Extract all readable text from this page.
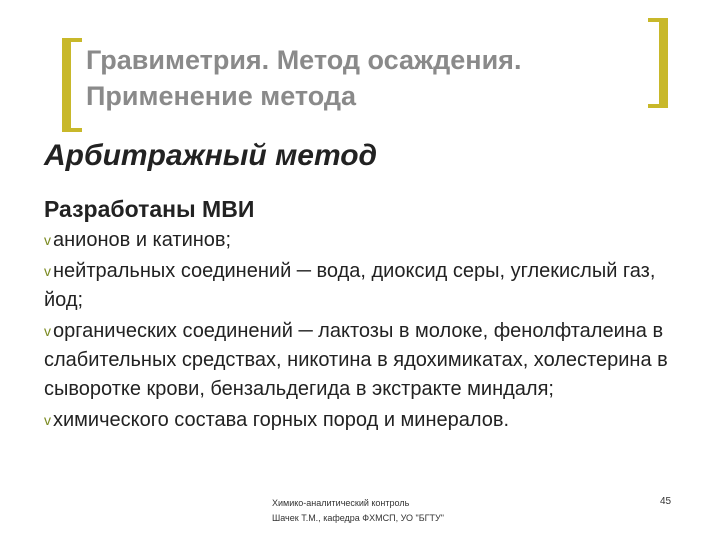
Гравиметрия. Метод осаждения.
Применение метода
Арбитражный метод

Разработаны МВИ

v анионов и катинов;

v нейтральных соединений ─ вода, диоксид серы, углекислый газ, йод;

v органических соединений ─ лактозы в молоке, фенолфталеина в слабительных средствах, никотина в ядохимикатах, холестерина в сыворотке крови, бензальдегида в экстракте миндаля;

v химического состава горных пород и минералов.

Химико-аналитический контроль
Шачек Т.М., кафедра ФХМСП, УО "БГТУ"
45
